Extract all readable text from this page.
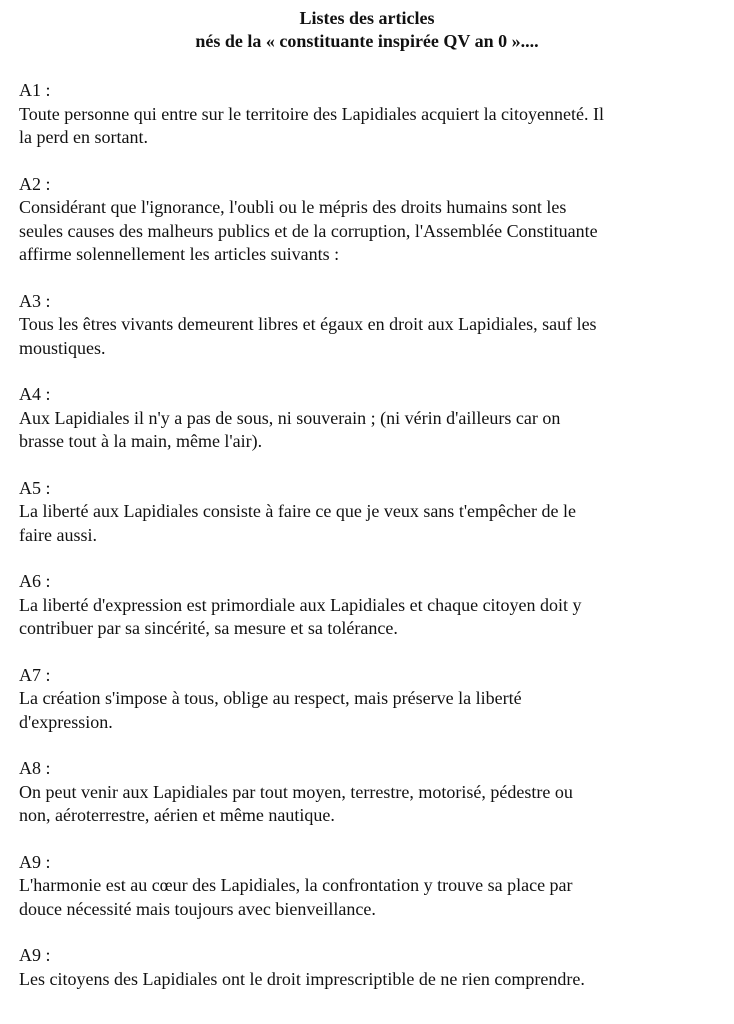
Listes des articles
nés de la « constituante inspirée QV an 0 »....
A1 :
Toute personne qui entre sur le territoire des Lapidiales acquiert la citoyenneté. Il
la perd en sortant.
A2 :
Considérant que l'ignorance, l'oubli ou le mépris des droits humains sont les
seules causes des malheurs publics et de la corruption, l'Assemblée Constituante
affirme solennellement les articles suivants :
A3 :
Tous les êtres vivants demeurent libres et égaux en droit aux Lapidiales, sauf les
moustiques.
A4 :
Aux Lapidiales il n'y a pas de sous, ni souverain ; (ni vérin d'ailleurs car on
brasse tout à la main, même l'air).
A5 :
La liberté aux Lapidiales consiste à faire ce que je veux sans t'empêcher de le
faire aussi.
A6 :
La liberté d'expression est primordiale aux Lapidiales et chaque citoyen doit y
contribuer par sa sincérité, sa mesure et sa tolérance.
A7 :
La création s'impose à tous, oblige au respect, mais préserve la liberté
d'expression.
A8 :
On peut venir aux Lapidiales par tout moyen, terrestre, motorisé, pédestre ou
non, aéroterrestre, aérien et même nautique.
A9 :
L'harmonie est au cœur des Lapidiales, la confrontation y trouve sa place par
douce nécessité mais toujours avec bienveillance.
A9 :
Les citoyens des Lapidiales ont le droit imprescriptible de ne rien comprendre.
